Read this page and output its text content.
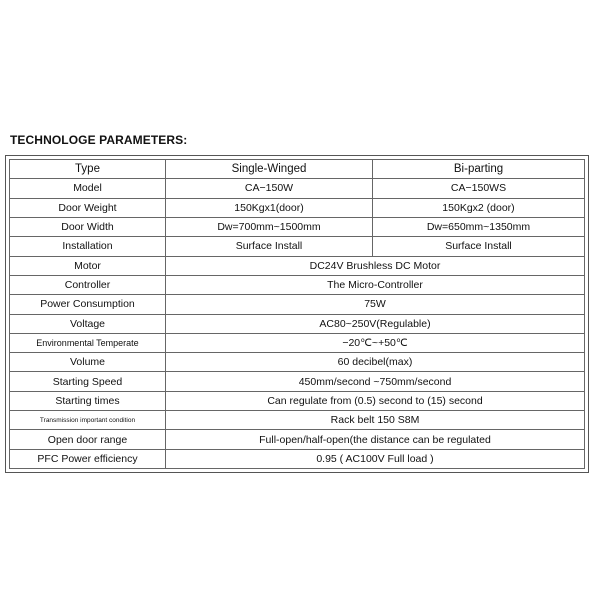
TECHNOLOGE PARAMETERS:
Type	Single-Winged	Bi-parting
Model	CA−150W	CA−150WS
Door Weight	150Kgx1(door)	150Kgx2 (door)
Door Width	Dw=700mm~1500mm	Dw=650mm~1350mm
Installation	Surface Install	Surface Install
Motor	DC24V Brushless DC Motor	
Controller	The Micro-Controller	
Power Consumption	75W	
Voltage	AC80~250V(Regulable)	
Environmental Temperate	−20℃~+50℃	
Volume	60 decibel(max)	
Starting Speed	450mm/second ~750mm/second	
Starting times	Can regulate from (0.5) second to (15) second	
Transmission important condition	Rack belt 150 S8M	
Open door range	Full-open/half-open(the distance can be regulated	
PFC Power efficiency	0.95 ( AC100V Full load )	
